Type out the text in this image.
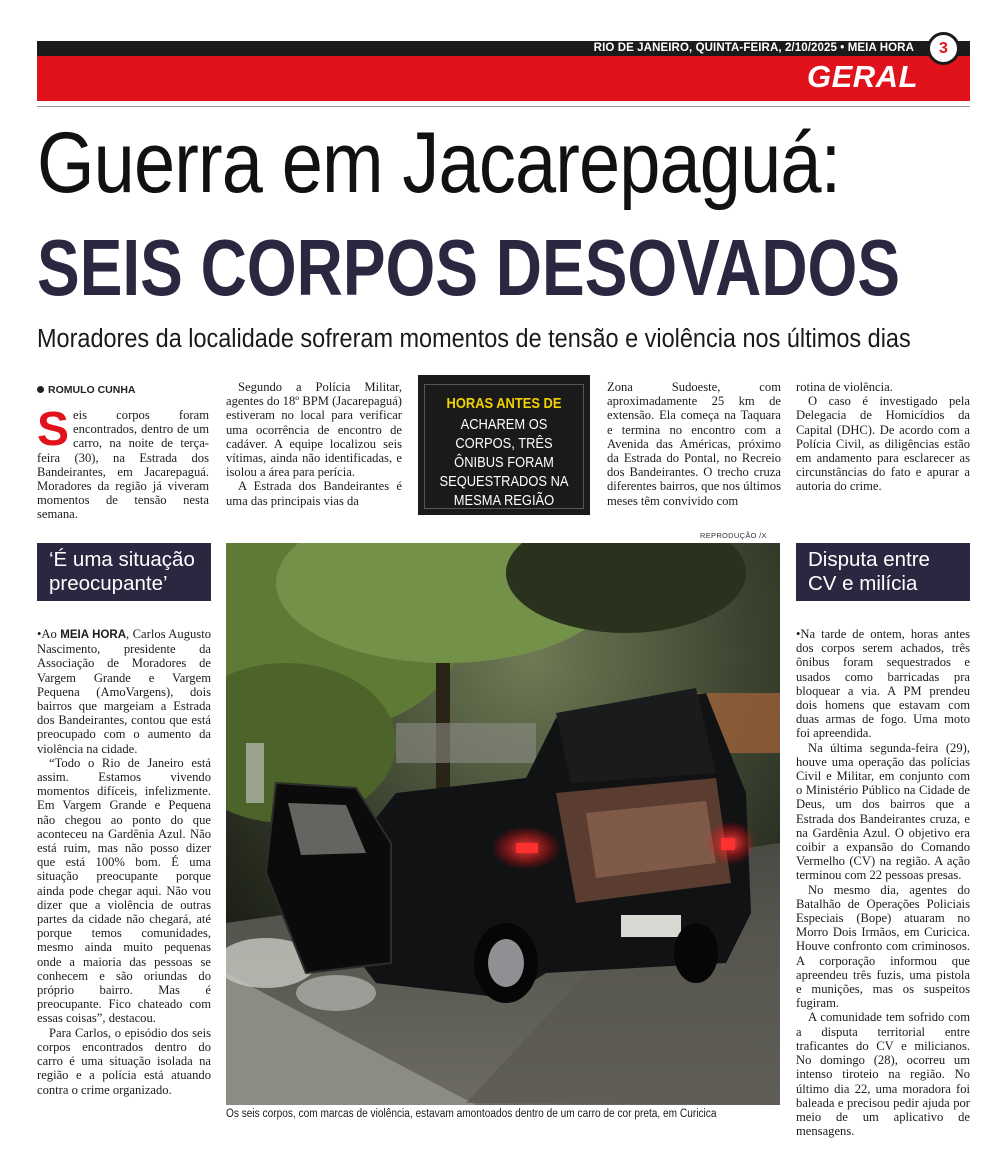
RIO DE JANEIRO, QUINTA-FEIRA, 2/10/2025 • MEIA HORA
GERAL
3
Guerra em Jacarepaguá:
SEIS CORPOS DESOVADOS
Moradores da localidade sofreram momentos de tensão e violência nos últimos dias
ROMULO CUNHA
Seis corpos foram encontrados, dentro de um carro, na noite de terça-feira (30), na Estrada dos Bandeirantes, em Jacarepaguá. Moradores da região já viveram momentos de tensão nesta semana.

Segundo a Polícia Militar, agentes do 18º BPM (Jacarepaguá) estiveram no local para verificar uma ocorrência de encontro de cadáver. A equipe localizou seis vítimas, ainda não identificadas, e isolou a área para perícia.

A Estrada dos Bandeirantes é uma das principais vias da

HORAS ANTES DE
ACHAREM OS CORPOS, TRÊS ÔNIBUS FORAM SEQUESTRADOS NA MESMA REGIÃO

Zona Sudoeste, com aproximadamente 25 km de extensão. Ela começa na Taquara e termina no encontro com a Avenida das Américas, próximo da Estrada do Pontal, no Recreio dos Bandeirantes. O trecho cruza diferentes bairros, que nos últimos meses têm convivido com

rotina de violência.

O caso é investigado pela Delegacia de Homicídios da Capital (DHC). De acordo com a Polícia Civil, as diligências estão em andamento para esclarecer as circunstâncias do fato e apurar a autoria do crime.

‘É uma situação preocupante’

•Ao MEIA HORA, Carlos Augusto Nascimento, presidente da Associação de Moradores de Vargem Grande e Vargem Pequena (AmoVargens), dois bairros que margeiam a Estrada dos Bandeirantes, contou que está preocupado com o aumento da violência na cidade.

“Todo o Rio de Janeiro está assim. Estamos vivendo momentos difíceis, infelizmente. Em Vargem Grande e Pequena não chegou ao ponto do que aconteceu na Gardênia Azul. Não está ruim, mas não posso dizer que está 100% bom. É uma situação preocupante porque ainda pode chegar aqui. Não vou dizer que a violência de outras partes da cidade não chegará, até porque temos comunidades, mesmo ainda muito pequenas onde a maioria das pessoas se conhecem e são oriundas do próprio bairro. Mas é preocupante. Fico chateado com essas coisas”, destacou.

Para Carlos, o episódio dos seis corpos encontrados dentro do carro é uma situação isolada na região e a polícia está atuando contra o crime organizado.

REPRODUÇÃO /X

Os seis corpos, com marcas de violência, estavam amontoados dentro de um carro de cor preta, em Curicica
Disputa entre CV e milícia

•Na tarde de ontem, horas antes dos corpos serem achados, três ônibus foram sequestrados e usados como barricadas pra bloquear a via. A PM prendeu dois homens que estavam com duas armas de fogo. Uma moto foi apreendida.

Na última segunda-feira (29), houve uma operação das polícias Civil e Militar, em conjunto com o Ministério Público na Cidade de Deus, um dos bairros que a Estrada dos Bandeirantes cruza, e na Gardênia Azul. O objetivo era coibir a expansão do Comando Vermelho (CV) na região. A ação terminou com 22 pessoas presas.

No mesmo dia, agentes do Batalhão de Operações Policiais Especiais (Bope) atuaram no Morro Dois Irmãos, em Curicica. Houve confronto com criminosos. A corporação informou que apreendeu três fuzis, uma pistola e munições, mas os suspeitos fugiram.

A comunidade tem sofrido com a disputa territorial entre traficantes do CV e milicianos. No domingo (28), ocorreu um intenso tiroteio na região. No último dia 22, uma moradora foi baleada e precisou pedir ajuda por meio de um aplicativo de mensagens.
